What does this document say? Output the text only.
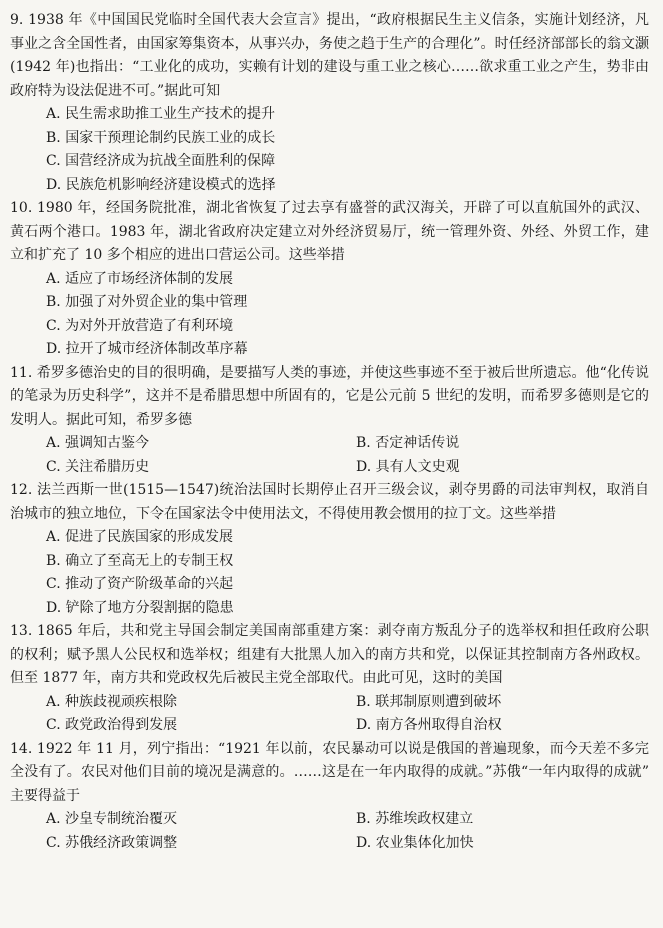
9. 1938 年《中国国民党临时全国代表大会宣言》提出，“政府根据民生主义信条，实施计划经济，凡事业之含全国性者，由国家筹集资本，从事兴办，务使之趋于生产的合理化”。时任经济部部长的翁文灏(1942 年)也指出：“工业化的成功，实赖有计划的建设与重工业之核心……欲求重工业之产生，势非由政府特为设法促进不可。”据此可知

A. 民生需求助推工业生产技术的提升
B. 国家干预理论制约民族工业的成长
C. 国营经济成为抗战全面胜利的保障
D. 民族危机影响经济建设模式的选择

10. 1980 年，经国务院批准，湖北省恢复了过去享有盛誉的武汉海关，开辟了可以直航国外的武汉、黄石两个港口。1983 年，湖北省政府决定建立对外经济贸易厅，统一管理外资、外经、外贸工作，建立和扩充了 10 多个相应的进出口营运公司。这些举措

A. 适应了市场经济体制的发展
B. 加强了对外贸企业的集中管理
C. 为对外开放营造了有利环境
D. 拉开了城市经济体制改革序幕

11. 希罗多德治史的目的很明确，是要描写人类的事迹，并使这些事迹不至于被后世所遗忘。他“化传说的笔录为历史科学”，这并不是希腊思想中所固有的，它是公元前 5 世纪的发明，而希罗多德则是它的发明人。据此可知，希罗多德

A. 强调知古鉴今	B. 否定神话传说
C. 关注希腊历史	D. 具有人文史观

12. 法兰西斯一世(1515—1547)统治法国时长期停止召开三级会议，剥夺男爵的司法审判权，取消自治城市的独立地位，下令在国家法令中使用法文，不得使用教会惯用的拉丁文。这些举措

A. 促进了民族国家的形成发展
B. 确立了至高无上的专制王权
C. 推动了资产阶级革命的兴起
D. 铲除了地方分裂割据的隐患

13. 1865 年后，共和党主导国会制定美国南部重建方案：剥夺南方叛乱分子的选举权和担任政府公职的权利；赋予黑人公民权和选举权；组建有大批黑人加入的南方共和党，以保证其控制南方各州政权。但至 1877 年，南方共和党政权先后被民主党全部取代。由此可见，这时的美国

A. 种族歧视顽疾根除	B. 联邦制原则遭到破坏
C. 政党政治得到发展	D. 南方各州取得自治权

14. 1922 年 11 月，列宁指出：“1921 年以前，农民暴动可以说是俄国的普遍现象，而今天差不多完全没有了。农民对他们目前的境况是满意的。……这是在一年内取得的成就。”苏俄“一年内取得的成就” 主要得益于

A. 沙皇专制统治覆灭	B. 苏维埃政权建立
C. 苏俄经济政策调整	D. 农业集体化加快
